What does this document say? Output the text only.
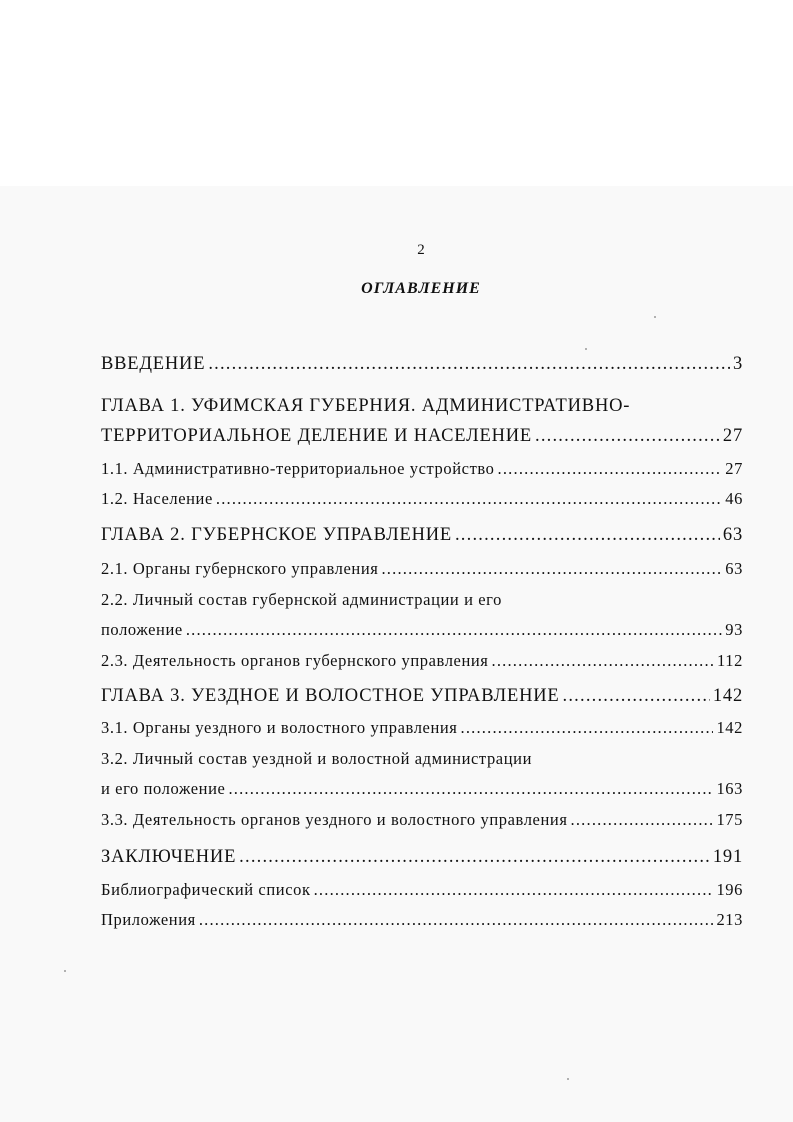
2
ОГЛАВЛЕНИЕ
ВВЕДЕНИЕ .....	3
ГЛАВА 1. УФИМСКАЯ ГУБЕРНИЯ. АДМИНИСТРАТИВНО-
ТЕРРИТОРИАЛЬНОЕ ДЕЛЕНИЕ И НАСЕЛЕНИЕ .....	27
1.1. Административно-территориальное устройство .....	27
1.2. Население .....	46
ГЛАВА 2. ГУБЕРНСКОЕ УПРАВЛЕНИЕ .....	63
2.1. Органы губернского управления .....	63
2.2. Личный состав губернской администрации и его
положение .....	93
2.3. Деятельность органов губернского управления .....	112
ГЛАВА 3. УЕЗДНОЕ И ВОЛОСТНОЕ УПРАВЛЕНИЕ .....	142
3.1. Органы уездного и волостного управления .....	142
3.2. Личный состав уездной и волостной администрации
и его положение .....	163
3.3. Деятельность органов уездного и волостного управления .....	175
ЗАКЛЮЧЕНИЕ .....	191
Библиографический список .....	196
Приложения .....	213
